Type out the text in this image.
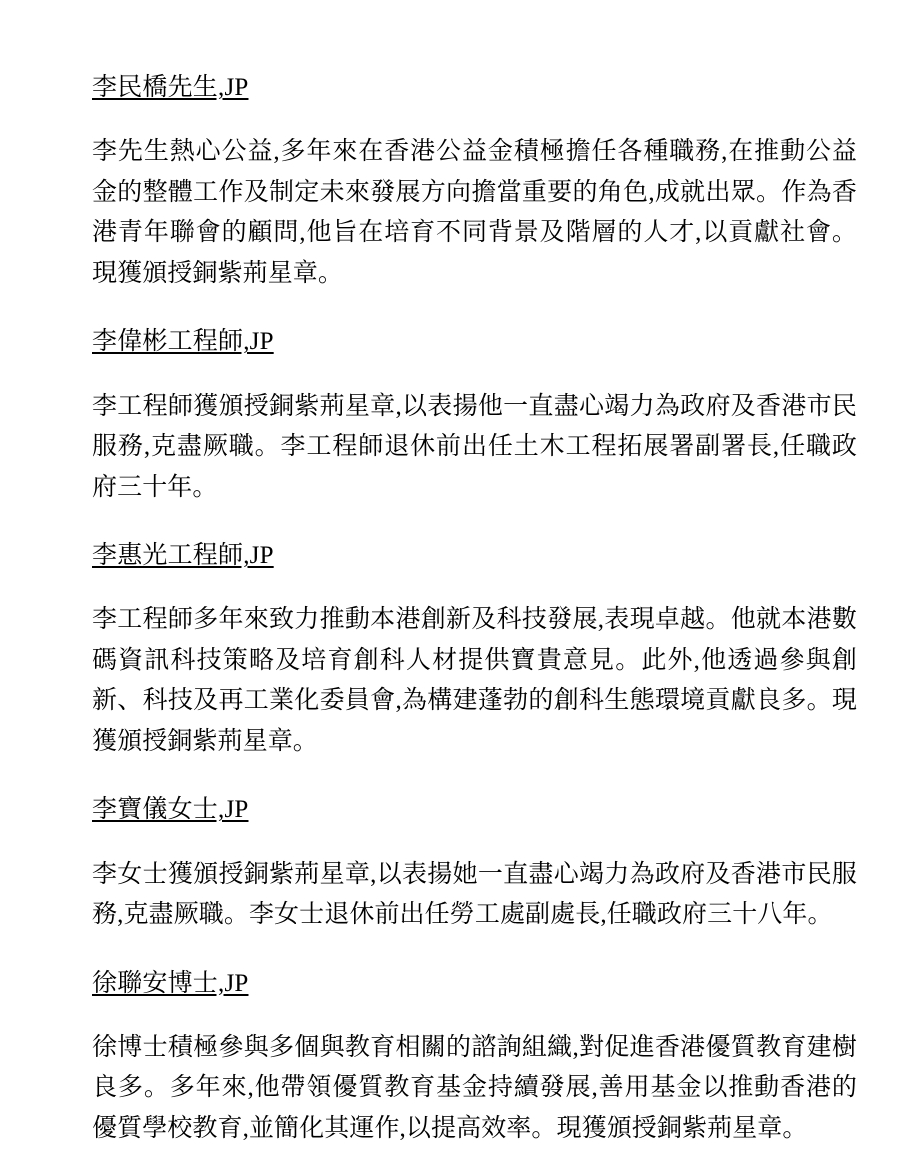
李民橋先生,JP

李先生熱心公益,多年來在香港公益金積極擔任各種職務,在推動公益金的整體工作及制定未來發展方向擔當重要的角色,成就出眾。作為香港青年聯會的顧問,他旨在培育不同背景及階層的人才,以貢獻社會。現獲頒授銅紫荊星章。

李偉彬工程師,JP

李工程師獲頒授銅紫荊星章,以表揚他一直盡心竭力為政府及香港市民服務,克盡厥職。李工程師退休前出任土木工程拓展署副署長,任職政府三十年。

李惠光工程師,JP

李工程師多年來致力推動本港創新及科技發展,表現卓越。他就本港數碼資訊科技策略及培育創科人材提供寶貴意見。此外,他透過參與創新、科技及再工業化委員會,為構建蓬勃的創科生態環境貢獻良多。現獲頒授銅紫荊星章。

李寶儀女士,JP

李女士獲頒授銅紫荊星章,以表揚她一直盡心竭力為政府及香港市民服務,克盡厥職。李女士退休前出任勞工處副處長,任職政府三十八年。

徐聯安博士,JP

徐博士積極參與多個與教育相關的諮詢組織,對促進香港優質教育建樹良多。多年來,他帶領優質教育基金持續發展,善用基金以推動香港的優質學校教育,並簡化其運作,以提高效率。現獲頒授銅紫荊星章。
